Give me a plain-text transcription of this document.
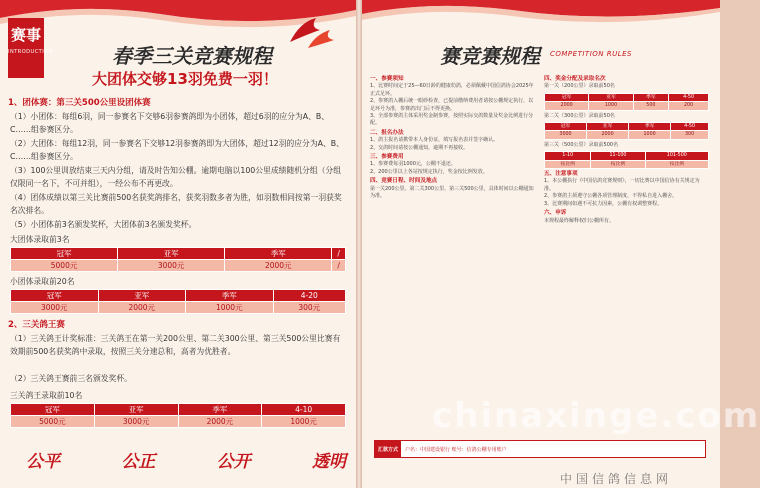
赛事
INTRODUCTION	春季三关竞赛规程
大团体交够13羽免费一羽！
1、团体赛：第三关500公里设团体赛
（1）小团体：每组6羽，同一参赛名下交够6羽参赛鸽即为小团体，超过6羽的应分为A、B、C……组参赛区分。
（2）大团体：每组12羽，同一参赛名下交够12羽参赛鸽即为大团体，超过12羽的应分为A、B、C……组参赛区分。
（3）100公里训放结束三天内分组，请及时告知公棚。逾期电脑以100公里成绩随机分组（分组仅限同一名下，不可并组），一经公布不再更改。
（4）团体成绩以第三关比赛前500名获奖鸽排名，获奖羽数多者为胜，如羽数相同按第一羽获奖名次排名。
（5）小团体前3名颁发奖杯，大团体前3名颁发奖杯。
大团体录取前3名
冠军	亚军	季军	/
5000元	3000元	2000元	/
小团体录取前20名
冠军	亚军	季军	4-20
3000元	2000元	1000元	300元
2、三关鸽王赛
（1）三关鸽王计奖标准：三关鸽王在第一关200公里、第二关300公里、第三关500公里比赛有效期前500名获奖鸽中录取，按照三关分速总和，高者为优胜者。
（2）三关鸽王赛前三名颁发奖杯。
三关鸽王录取前10名
冠军	亚军	季军	4-10
5000元	3000元	2000元	1000元
公平	公正	公开	透明
赛竞赛规程 COMPETITION RULES
一、参赛须知

1、比赛时间定于25—60日龄的健康幼鸽，必须佩戴中国信鸽协会2025年正式足环。

2、参赛鸽入棚后统一眼砂检查，已提前缴纳费用者请按公棚规定执行，以足环号为准，参赛鸽出门后不得更换。

3、全部参赛鸽主体采用奖金制参赛，按照实际交鸽数量及奖金比例进行分配。

二、报名办法

1、鸽主报名请携带本人身份证，填写报名表并签字确认。

2、交鸽时间请按公棚通知，逾期不再接收。

三、参赛费用

1、参赛费每羽1000元，公棚不退还。

2、200公里以上各站按规定执行，奖金按比例发放。

四、竞赛日程、时间及地点

第一关200公里、第二关300公里、第三关500公里，具体时间以公棚通知为准。

四、奖金分配及录取名次

第一关（200公里）录取前50名

冠军	亚军	季军	4-50
2000	1000	500	200

第二关（300公里）录取前50名

冠军	亚军	季军	4-50
3000	2000	1000	300

第三关（500公里）录取前500名

1-10	11-100	101-500
按比例	按比例	按比例
五、注意事项

1、本公棚执行《中国信鸽竞赛规则》，一切比赛以中国信协有关规定为准。

2、参赛鸽主须遵守公棚各项管理制度，不得私自进入棚舍。

3、比赛期间如遇不可抗力因素，公棚有权调整赛程。

六、申诉

本规程最终解释权归公棚所有。

汇款方式	户名：中国建设银行 账号：信鸽公棚专用账户
chinaxinge.com
中国信鸽信息网
